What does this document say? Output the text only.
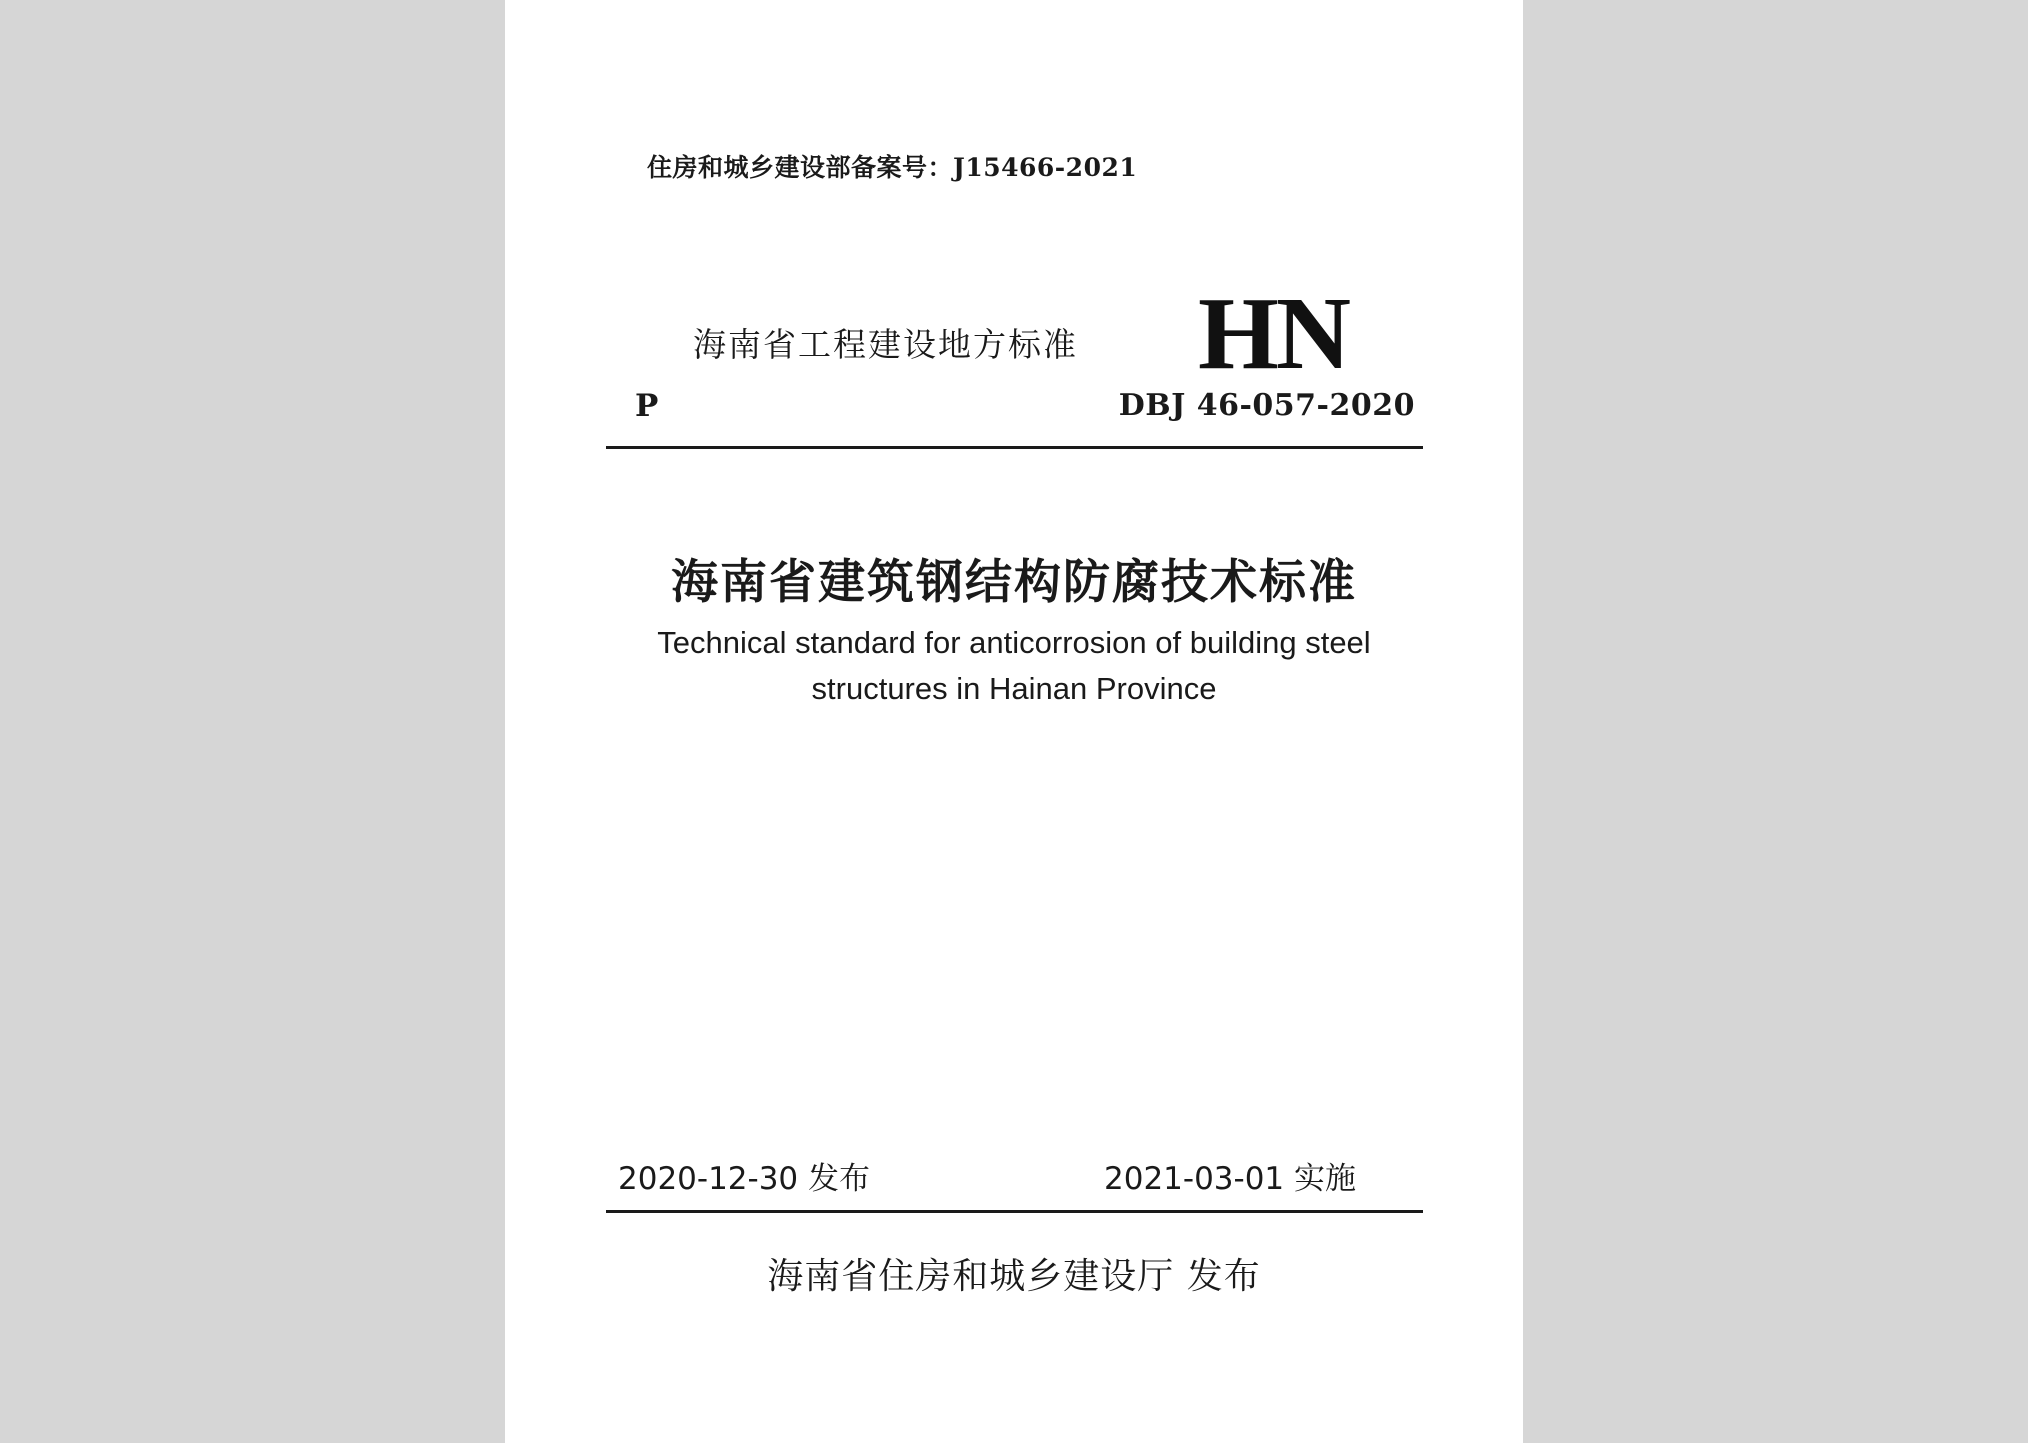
住房和城乡建设部备案号：J15466-2021
海南省工程建设地方标准 HN
P	DBJ 46-057-2020
海南省建筑钢结构防腐技术标准
Technical standard for anticorrosion of building steel
structures in Hainan Province
2020-12-30 发布	2021-03-01 实施
海南省住房和城乡建设厅 发布
